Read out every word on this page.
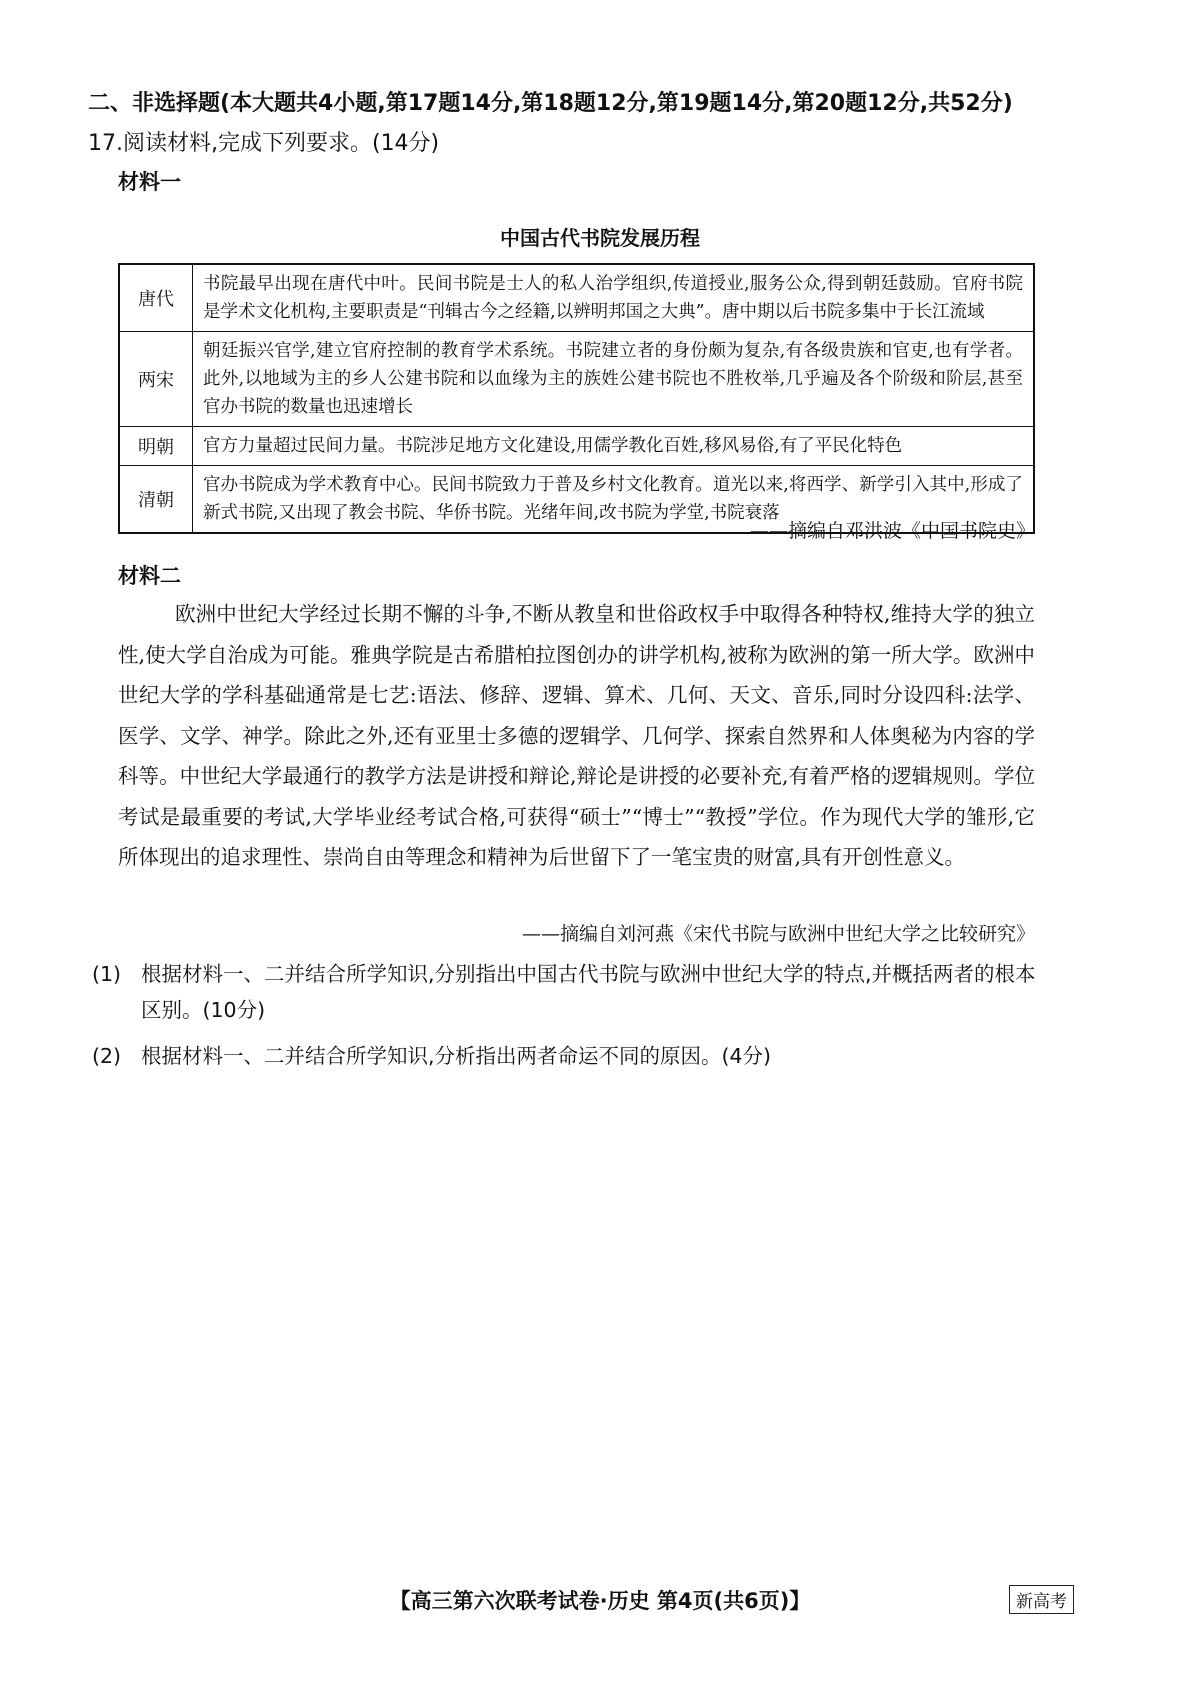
二、非选择题(本大题共4小题,第17题14分,第18题12分,第19题14分,第20题12分,共52分)
17.阅读材料,完成下列要求。(14分)
材料一
中国古代书院发展历程
唐代	书院最早出现在唐代中叶。民间书院是士人的私人治学组织,传道授业,服务公众,得到朝廷鼓励。官府书院是学术文化机构,主要职责是“刊辑古今之经籍,以辨明邦国之大典”。唐中期以后书院多集中于长江流域
两宋	朝廷振兴官学,建立官府控制的教育学术系统。书院建立者的身份颇为复杂,有各级贵族和官吏,也有学者。此外,以地域为主的乡人公建书院和以血缘为主的族姓公建书院也不胜枚举,几乎遍及各个阶级和阶层,甚至官办书院的数量也迅速增长
明朝	官方力量超过民间力量。书院涉足地方文化建设,用儒学教化百姓,移风易俗,有了平民化特色
清朝	官办书院成为学术教育中心。民间书院致力于普及乡村文化教育。道光以来,将西学、新学引入其中,形成了新式书院,又出现了教会书院、华侨书院。光绪年间,改书院为学堂,书院衰落
——摘编自邓洪波《中国书院史》
材料二
欧洲中世纪大学经过长期不懈的斗争,不断从教皇和世俗政权手中取得各种特权,维持大学的独立性,使大学自治成为可能。雅典学院是古希腊柏拉图创办的讲学机构,被称为欧洲的第一所大学。欧洲中世纪大学的学科基础通常是七艺:语法、修辞、逻辑、算术、几何、天文、音乐,同时分设四科:法学、医学、文学、神学。除此之外,还有亚里士多德的逻辑学、几何学、探索自然界和人体奥秘为内容的学科等。中世纪大学最通行的教学方法是讲授和辩论,辩论是讲授的必要补充,有着严格的逻辑规则。学位考试是最重要的考试,大学毕业经考试合格,可获得“硕士”“博士”“教授”学位。作为现代大学的雏形,它所体现出的追求理性、崇尚自由等理念和精神为后世留下了一笔宝贵的财富,具有开创性意义。
——摘编自刘河燕《宋代书院与欧洲中世纪大学之比较研究》
(1) 根据材料一、二并结合所学知识,分别指出中国古代书院与欧洲中世纪大学的特点,并概括两者的根本区别。(10分)
(2) 根据材料一、二并结合所学知识,分析指出两者命运不同的原因。(4分)
【高三第六次联考试卷·历史 第4页(共6页)】	新高考
